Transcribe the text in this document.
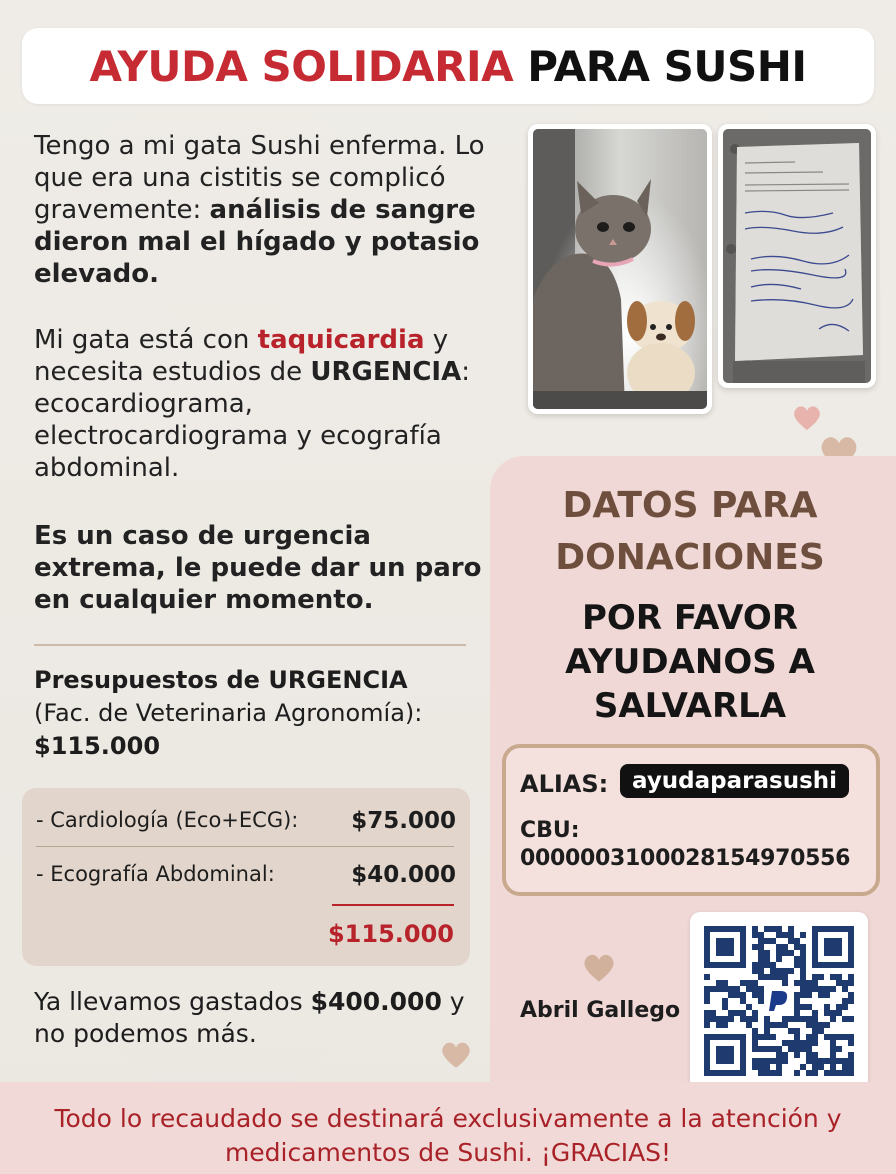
AYUDA SOLIDARIA PARA SUSHI
Tengo a mi gata Sushi enferma. Lo que era una cistitis se complicó gravemente: análisis de sangre dieron mal el hígado y potasio elevado.
Mi gata está con taquicardia y necesita estudios de URGENCIA: ecocardiograma, electrocardiograma y ecografía abdominal.
Es un caso de urgencia extrema, le puede dar un paro en cualquier momento.
Presupuestos de URGENCIA
(Fac. de Veterinaria Agronomía):
$115.000
- Cardiología (Eco+ECG): $75.000
- Ecografía Abdominal:	$40.000
$115.000
Ya llevamos gastados $400.000 y no podemos más.
DATOS PARA DONACIONES
POR FAVOR AYUDANOS A SALVARLA
ALIAS:	ayudaparasushi
CBU:
0000003100028154970556
Abril Gallego
Todo lo recaudado se destinará exclusivamente a la atención y medicamentos de Sushi. ¡GRACIAS!
